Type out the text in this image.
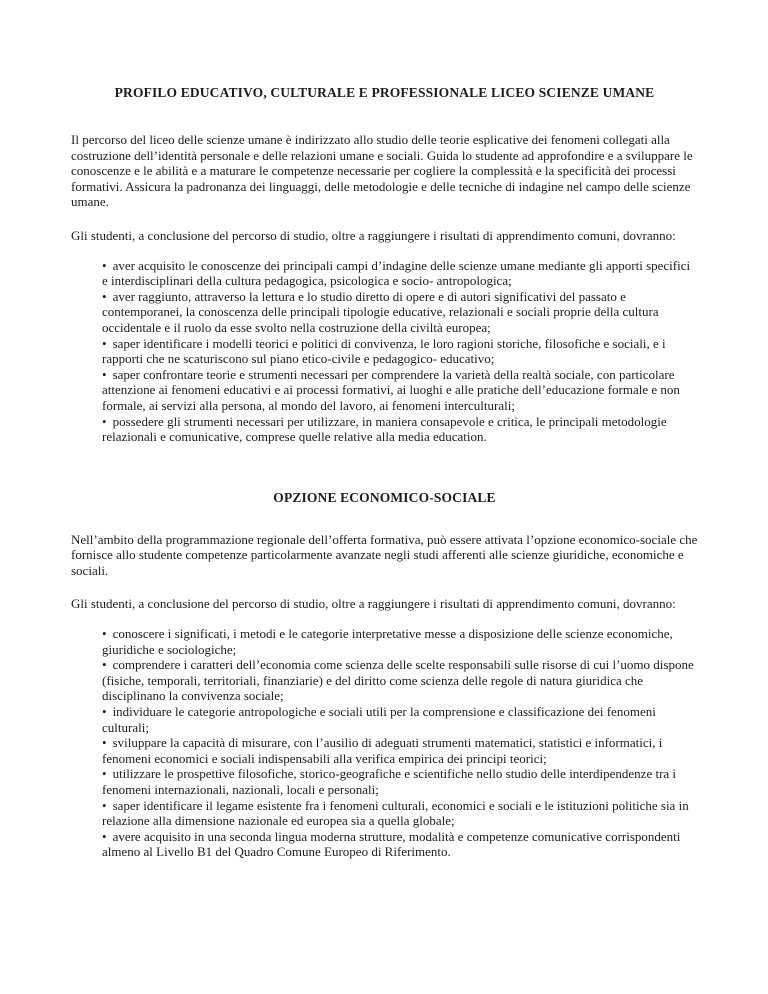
PROFILO EDUCATIVO, CULTURALE E PROFESSIONALE LICEO SCIENZE UMANE

Il percorso del liceo delle scienze umane è indirizzato allo studio delle teorie esplicative dei fenomeni collegati alla costruzione dell’identità personale e delle relazioni umane e sociali. Guida lo studente ad approfondire e a sviluppare le conoscenze e le abilità e a maturare le competenze necessarie per cogliere la complessità e la specificità dei processi formativi. Assicura la padronanza dei linguaggi, delle metodologie e delle tecniche di indagine nel campo delle scienze umane.

Gli studenti, a conclusione del percorso di studio, oltre a raggiungere i risultati di apprendimento comuni, dovranno:

• aver acquisito le conoscenze dei principali campi d’indagine delle scienze umane mediante gli apporti specifici e interdisciplinari della cultura pedagogica, psicologica e socio- antropologica;

• aver raggiunto, attraverso la lettura e lo studio diretto di opere e di autori significativi del passato e contemporanei, la conoscenza delle principali tipologie educative, relazionali e sociali proprie della cultura occidentale e il ruolo da esse svolto nella costruzione della civiltà europea;

• saper identificare i modelli teorici e politici di convivenza, le loro ragioni storiche, filosofiche e sociali, e i rapporti che ne scaturiscono sul piano etico-civile e pedagogico- educativo;

• saper confrontare teorie e strumenti necessari per comprendere la varietà della realtà sociale, con particolare attenzione ai fenomeni educativi e ai processi formativi, ai luoghi e alle pratiche dell’educazione formale e non formale, ai servizi alla persona, al mondo del lavoro, ai fenomeni interculturali;

• possedere gli strumenti necessari per utilizzare, in maniera consapevole e critica, le principali metodologie relazionali e comunicative, comprese quelle relative alla media education.

OPZIONE ECONOMICO-SOCIALE

Nell’ambito della programmazione regionale dell’offerta formativa, può essere attivata l’opzione economico-sociale che fornisce allo studente competenze particolarmente avanzate negli studi afferenti alle scienze giuridiche, economiche e sociali.

Gli studenti, a conclusione del percorso di studio, oltre a raggiungere i risultati di apprendimento comuni, dovranno:

• conoscere i significati, i metodi e le categorie interpretative messe a disposizione delle scienze economiche, giuridiche e sociologiche;

• comprendere i caratteri dell’economia come scienza delle scelte responsabili sulle risorse di cui l’uomo dispone (fisiche, temporali, territoriali, finanziarie) e del diritto come scienza delle regole di natura giuridica che disciplinano la convivenza sociale;

• individuare le categorie antropologiche e sociali utili per la comprensione e classificazione dei fenomeni culturali;

• sviluppare la capacità di misurare, con l’ausilio di adeguati strumenti matematici, statistici e informatici, i fenomeni economici e sociali indispensabili alla verifica empirica dei principi teorici;

• utilizzare le prospettive filosofiche, storico-geografiche e scientifiche nello studio delle interdipendenze tra i fenomeni internazionali, nazionali, locali e personali;

• saper identificare il legame esistente fra i fenomeni culturali, economici e sociali e le istituzioni politiche sia in relazione alla dimensione nazionale ed europea sia a quella globale;

• avere acquisito in una seconda lingua moderna strutture, modalità e competenze comunicative corrispondenti almeno al Livello B1 del Quadro Comune Europeo di Riferimento.
